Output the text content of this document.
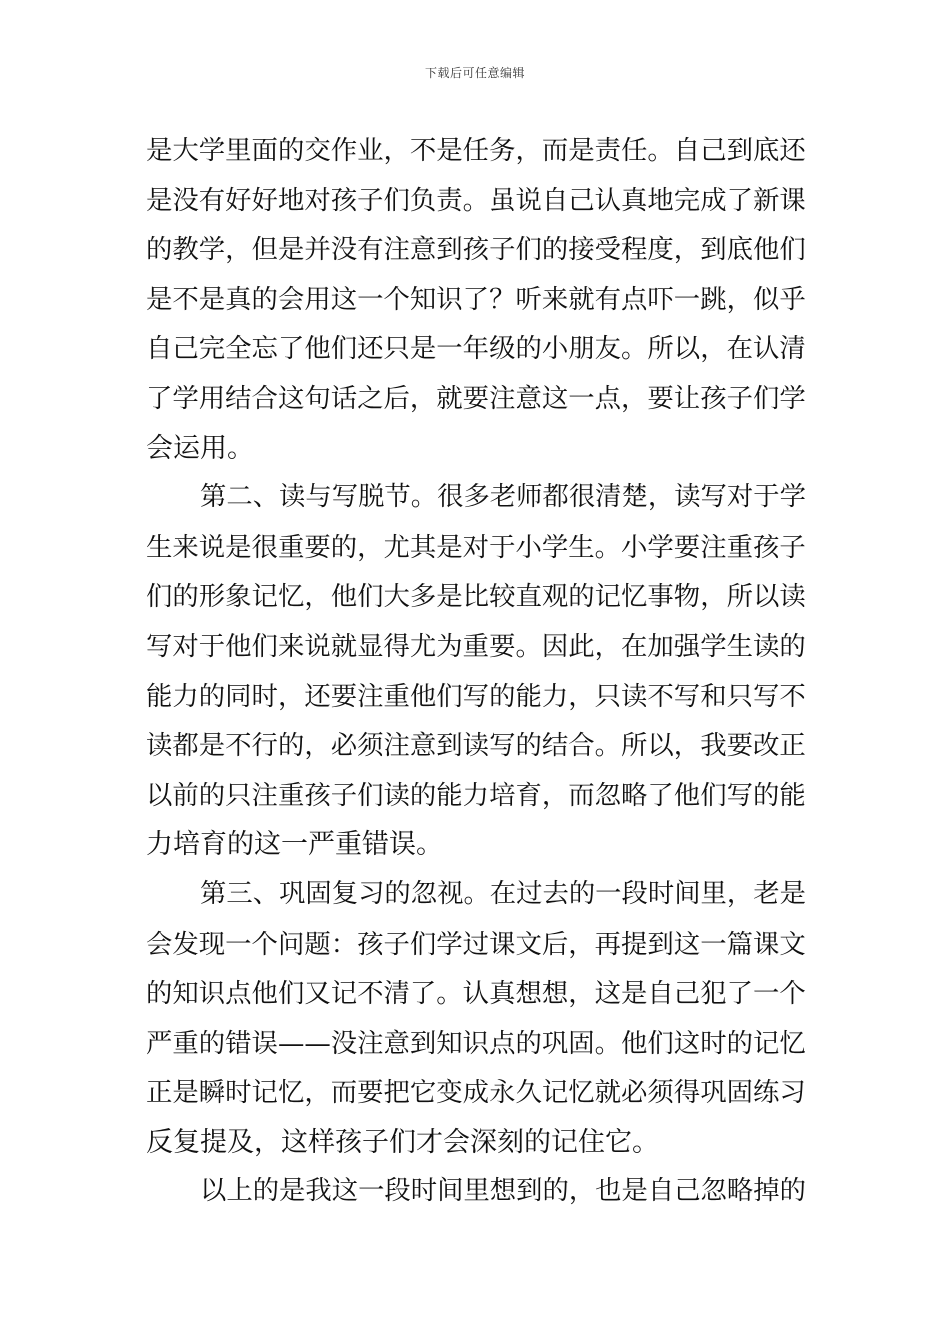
下载后可任意编辑
是大学里面的交作业，不是任务，而是责任。自己到底还
是没有好好地对孩子们负责。虽说自己认真地完成了新课
的教学，但是并没有注意到孩子们的接受程度，到底他们
是不是真的会用这一个知识了？听来就有点吓一跳，似乎
自己完全忘了他们还只是一年级的小朋友。所以，在认清
了学用结合这句话之后，就要注意这一点，要让孩子们学
会运用。
第二、读与写脱节。很多老师都很清楚，读写对于学
生来说是很重要的，尤其是对于小学生。小学要注重孩子
们的形象记忆，他们大多是比较直观的记忆事物，所以读
写对于他们来说就显得尤为重要。因此，在加强学生读的
能力的同时，还要注重他们写的能力，只读不写和只写不
读都是不行的，必须注意到读写的结合。所以，我要改正
以前的只注重孩子们读的能力培育，而忽略了他们写的能
力培育的这一严重错误。
第三、巩固复习的忽视。在过去的一段时间里，老是
会发现一个问题：孩子们学过课文后，再提到这一篇课文
的知识点他们又记不清了。认真想想，这是自己犯了一个
严重的错误——没注意到知识点的巩固。他们这时的记忆
正是瞬时记忆，而要把它变成永久记忆就必须得巩固练习
反复提及，这样孩子们才会深刻的记住它。
以上的是我这一段时间里想到的，也是自己忽略掉的
